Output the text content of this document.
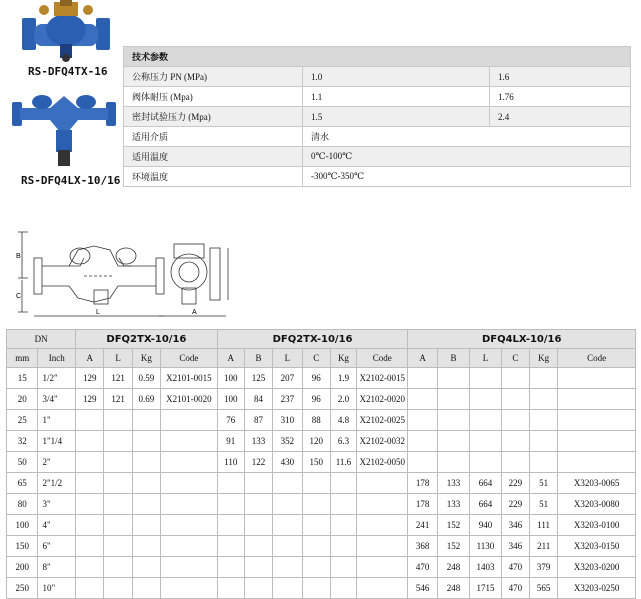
RS-DFQ4TX-16
RS-DFQ4LX-10/16
技术参数		
公称压力 PN (MPa)	1.0	1.6
阀体耐压 (Mpa)	1.1	1.76
密封试验压力 (Mpa)	1.5	2.4
适用介质	清水	
适用温度	0℃-100℃	
环境温度	-300℃-350℃	
B
C
L	A
DN		DFQ2TX-10/16				DFQ2TX-10/16						DFQ4LX-10/16					
mm	Inch	A	L	Kg	Code	A	B	L	C	Kg	Code	A	B	L	C	Kg	Code
15	1/2"	129	121	0.59	X2101-0015	100	125	207	96	1.9	X2102-0015						
20	3/4"	129	121	0.69	X2101-0020	100	84	237	96	2.0	X2102-0020						
25	1"					76	87	310	88	4.8	X2102-0025						
32	1"1/4					91	133	352	120	6.3	X2102-0032						
50	2"					110	122	430	150	11.6	X2102-0050						
65	2"1/2											178	133	664	229	51	X3203-0065
80	3"											178	133	664	229	51	X3203-0080
100	4"											241	152	940	346	111	X3203-0100
150	6"											368	152	1130	346	211	X3203-0150
200	8"											470	248	1403	470	379	X3203-0200
250	10"											546	248	1715	470	565	X3203-0250
